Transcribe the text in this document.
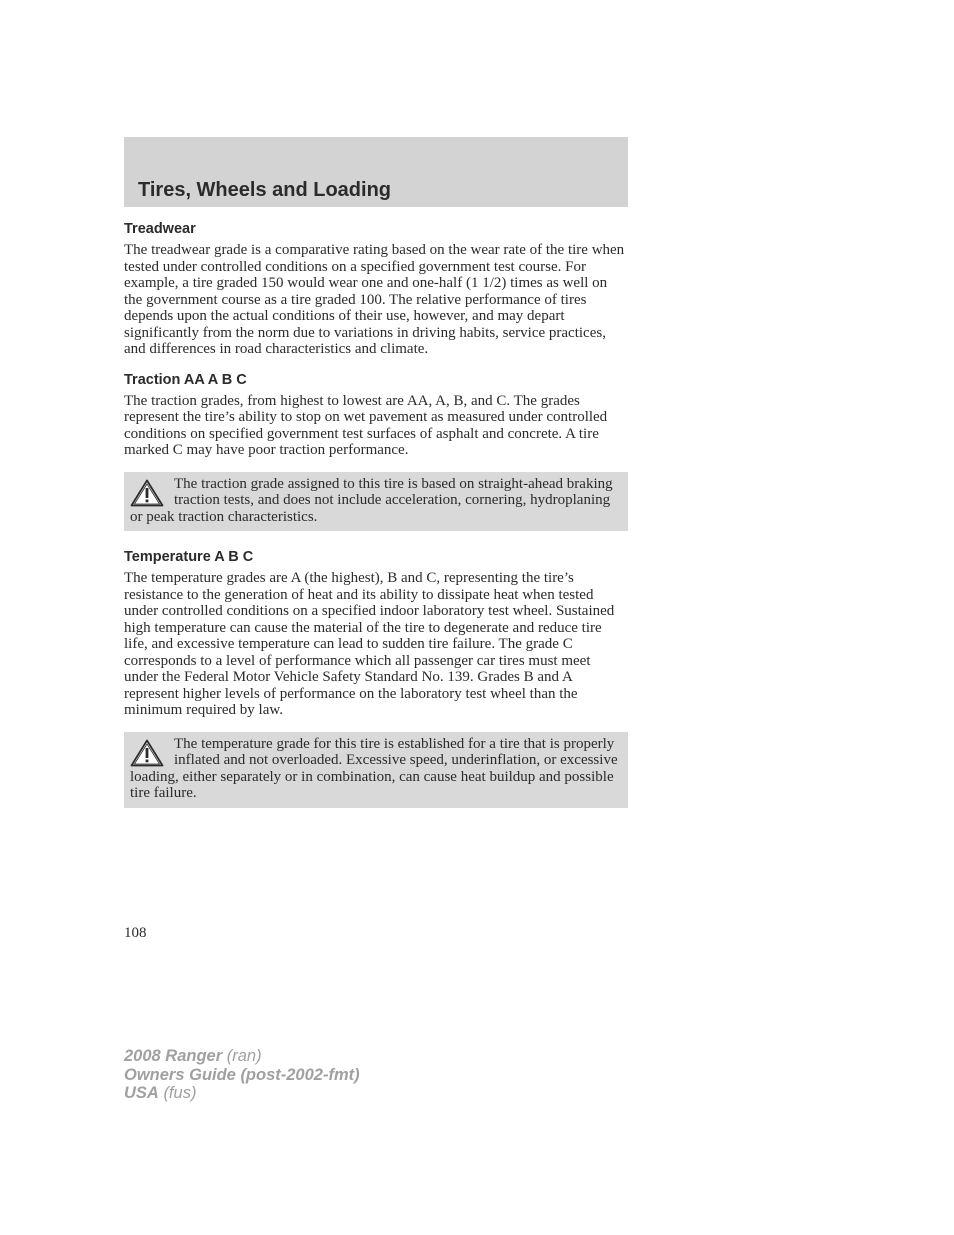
Tires, Wheels and Loading
Treadwear

The treadwear grade is a comparative rating based on the wear rate of the tire when tested under controlled conditions on a specified government test course. For example, a tire graded 150 would wear one and one-half (1 1/2) times as well on the government course as a tire graded 100. The relative performance of tires depends upon the actual conditions of their use, however, and may depart significantly from the norm due to variations in driving habits, service practices, and differences in road characteristics and climate.

Traction AA A B C

The traction grades, from highest to lowest are AA, A, B, and C. The grades represent the tire’s ability to stop on wet pavement as measured under controlled conditions on specified government test surfaces of asphalt and concrete. A tire marked C may have poor traction performance.

The traction grade assigned to this tire is based on straight-ahead braking traction tests, and does not include acceleration, cornering, hydroplaning or peak traction characteristics.
Temperature A B C

The temperature grades are A (the highest), B and C, representing the tire’s resistance to the generation of heat and its ability to dissipate heat when tested under controlled conditions on a specified indoor laboratory test wheel. Sustained high temperature can cause the material of the tire to degenerate and reduce tire life, and excessive temperature can lead to sudden tire failure. The grade C corresponds to a level of performance which all passenger car tires must meet under the Federal Motor Vehicle Safety Standard No. 139. Grades B and A represent higher levels of performance on the laboratory test wheel than the minimum required by law.

The temperature grade for this tire is established for a tire that is properly inflated and not overloaded. Excessive speed, underinflation, or excessive loading, either separately or in combination, can cause heat buildup and possible tire failure.
108
2008 Ranger (ran)
Owners Guide (post-2002-fmt)
USA (fus)
